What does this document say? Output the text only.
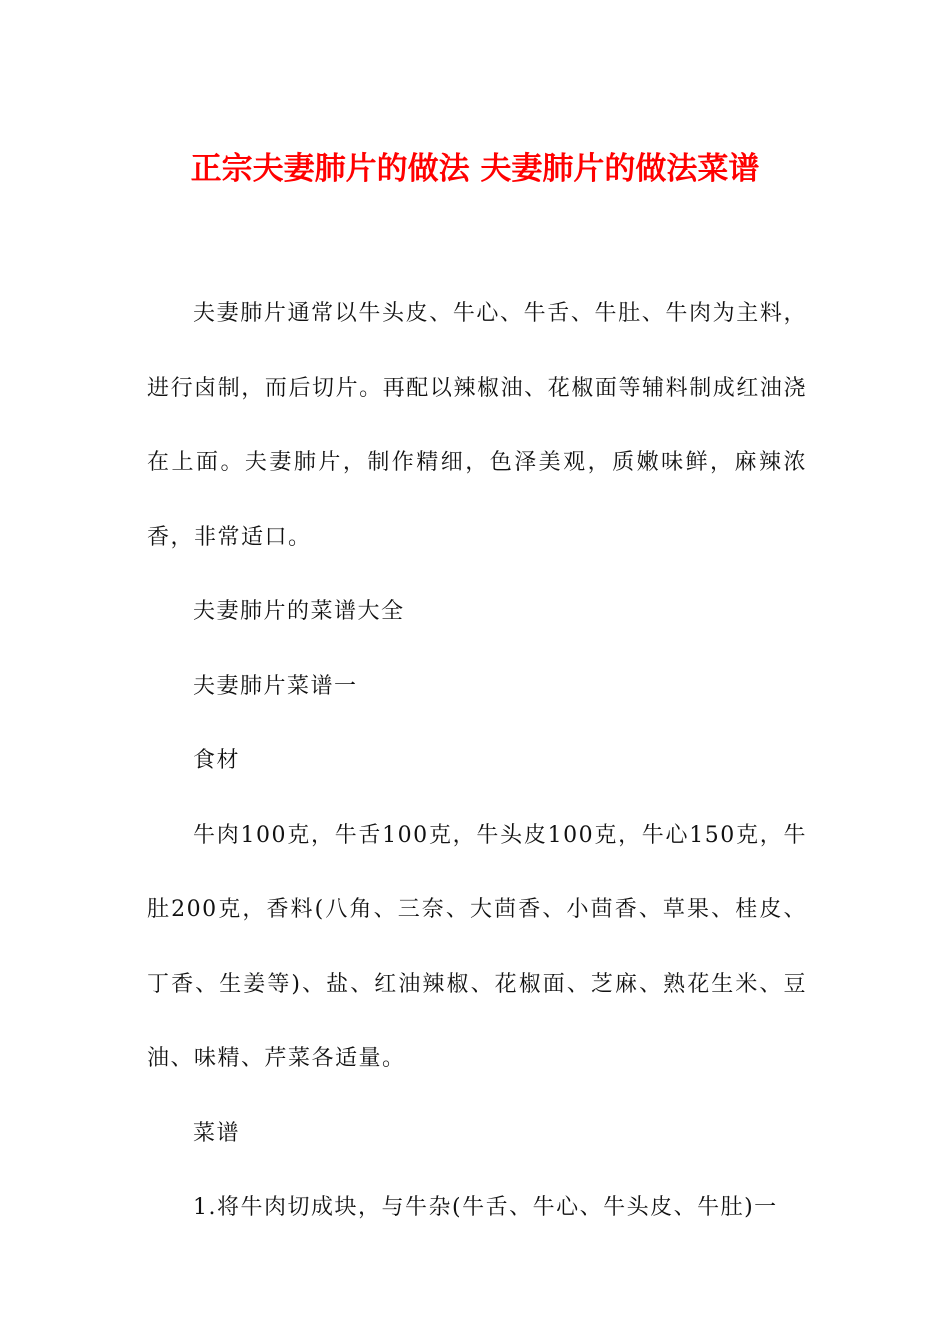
正宗夫妻肺片的做法 夫妻肺片的做法菜谱

夫妻肺片通常以牛头皮、牛心、牛舌、牛肚、牛肉为主料，进行卤制，而后切片。再配以辣椒油、花椒面等辅料制成红油浇在上面。夫妻肺片，制作精细，色泽美观，质嫩味鲜，麻辣浓香，非常适口。

夫妻肺片的菜谱大全

夫妻肺片菜谱一

食材

牛肉100克，牛舌100克，牛头皮100克，牛心150克，牛肚200克，香料(八角、三奈、大茴香、小茴香、草果、桂皮、丁香、生姜等)、盐、红油辣椒、花椒面、芝麻、熟花生米、豆油、味精、芹菜各适量。

菜谱

1.将牛肉切成块，与牛杂(牛舌、牛心、牛头皮、牛肚)一
